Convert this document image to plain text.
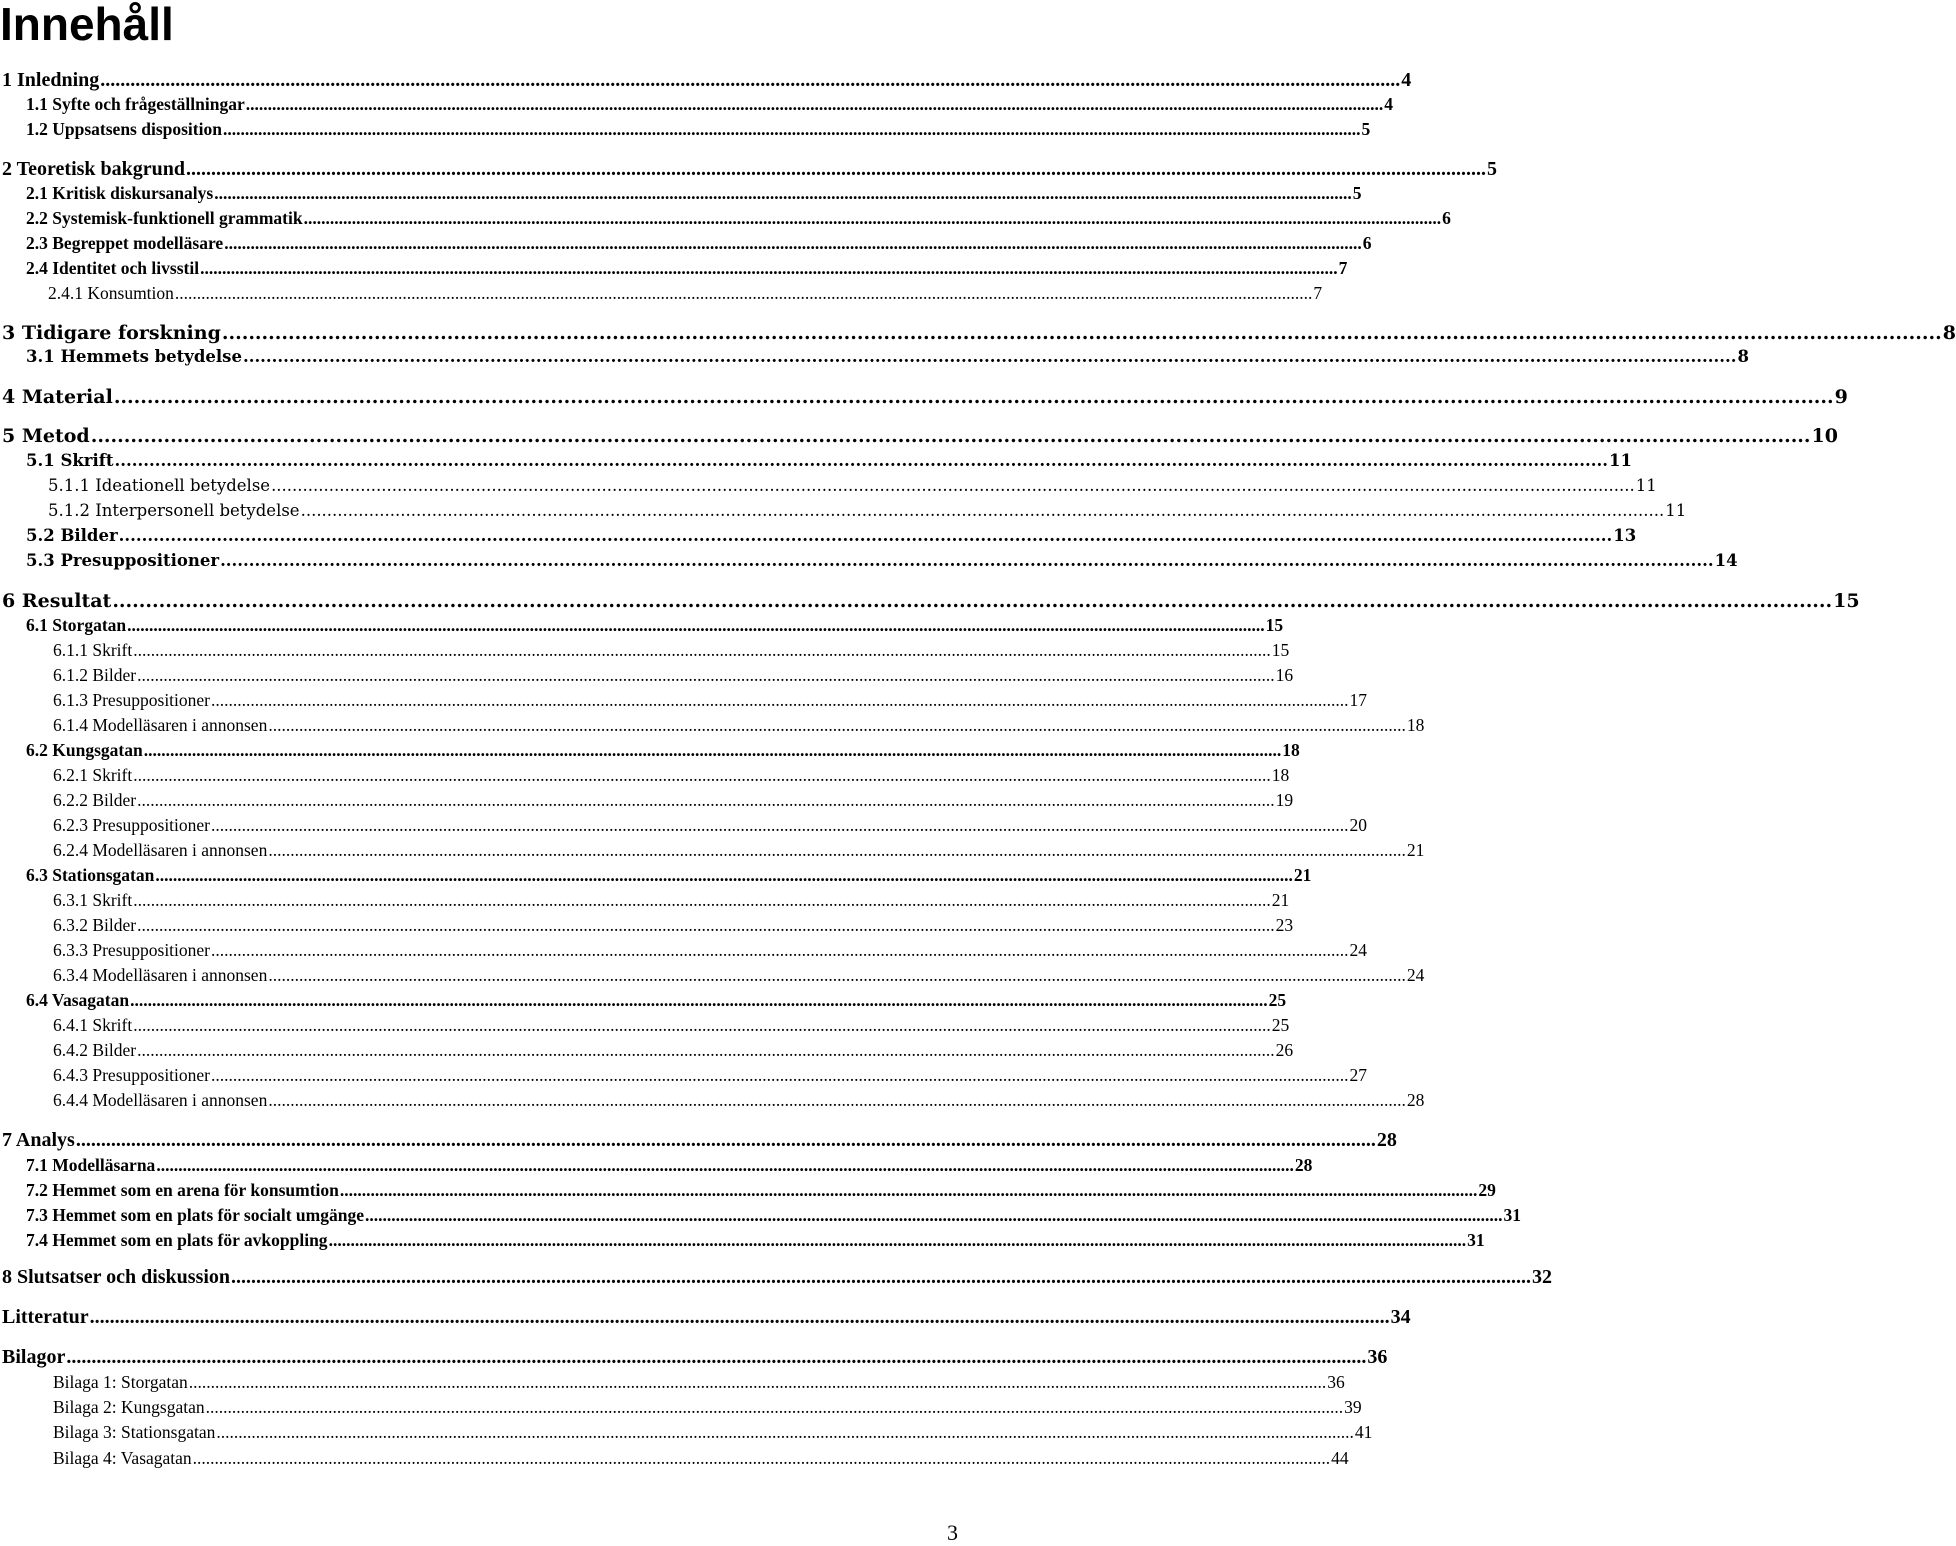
Innehåll
1 Inledning .................................................................................................................................................................................................................................................................... 4
1.1 Syfte och frågeställningar .................................................................................................................................................................................................................................................................... 4
1.2 Uppsatsens disposition .................................................................................................................................................................................................................................................................... 5
2 Teoretisk bakgrund .................................................................................................................................................................................................................................................................... 5
2.1 Kritisk diskursanalys .................................................................................................................................................................................................................................................................... 5
2.2 Systemisk-funktionell grammatik .................................................................................................................................................................................................................................................................... 6
2.3 Begreppet modelläsare .................................................................................................................................................................................................................................................................... 6
2.4 Identitet och livsstil .................................................................................................................................................................................................................................................................... 7
2.4.1 Konsumtion .................................................................................................................................................................................................................................................................... 7
3 Tidigare forskning .................................................................................................................................................................................................................................................................... 8
3.1 Hemmets betydelse .................................................................................................................................................................................................................................................................... 8
4 Material .................................................................................................................................................................................................................................................................... 9
5 Metod .................................................................................................................................................................................................................................................................... 10
5.1 Skrift .................................................................................................................................................................................................................................................................... 11
5.1.1 Ideationell betydelse .................................................................................................................................................................................................................................................................... 11
5.1.2 Interpersonell betydelse .................................................................................................................................................................................................................................................................... 11
5.2 Bilder .................................................................................................................................................................................................................................................................... 13
5.3 Presuppositioner .................................................................................................................................................................................................................................................................... 14
6 Resultat .................................................................................................................................................................................................................................................................... 15
6.1 Storgatan .................................................................................................................................................................................................................................................................... 15
6.1.1 Skrift .................................................................................................................................................................................................................................................................... 15
6.1.2 Bilder .................................................................................................................................................................................................................................................................... 16
6.1.3 Presuppositioner .................................................................................................................................................................................................................................................................... 17
6.1.4 Modelläsaren i annonsen .................................................................................................................................................................................................................................................................... 18
6.2 Kungsgatan .................................................................................................................................................................................................................................................................... 18
6.2.1 Skrift .................................................................................................................................................................................................................................................................... 18
6.2.2 Bilder .................................................................................................................................................................................................................................................................... 19
6.2.3 Presuppositioner .................................................................................................................................................................................................................................................................... 20
6.2.4 Modelläsaren i annonsen .................................................................................................................................................................................................................................................................... 21
6.3 Stationsgatan .................................................................................................................................................................................................................................................................... 21
6.3.1 Skrift .................................................................................................................................................................................................................................................................... 21
6.3.2 Bilder .................................................................................................................................................................................................................................................................... 23
6.3.3 Presuppositioner .................................................................................................................................................................................................................................................................... 24
6.3.4 Modelläsaren i annonsen .................................................................................................................................................................................................................................................................... 24
6.4 Vasagatan .................................................................................................................................................................................................................................................................... 25
6.4.1 Skrift .................................................................................................................................................................................................................................................................... 25
6.4.2 Bilder .................................................................................................................................................................................................................................................................... 26
6.4.3 Presuppositioner .................................................................................................................................................................................................................................................................... 27
6.4.4 Modelläsaren i annonsen .................................................................................................................................................................................................................................................................... 28
7 Analys .................................................................................................................................................................................................................................................................... 28
7.1 Modelläsarna .................................................................................................................................................................................................................................................................... 28
7.2 Hemmet som en arena för konsumtion .................................................................................................................................................................................................................................................................... 29
7.3 Hemmet som en plats för socialt umgänge .................................................................................................................................................................................................................................................................... 31
7.4 Hemmet som en plats för avkoppling .................................................................................................................................................................................................................................................................... 31
8 Slutsatser och diskussion .................................................................................................................................................................................................................................................................... 32
Litteratur .................................................................................................................................................................................................................................................................... 34
Bilagor .................................................................................................................................................................................................................................................................... 36
Bilaga 1: Storgatan .................................................................................................................................................................................................................................................................... 36
Bilaga 2: Kungsgatan .................................................................................................................................................................................................................................................................... 39
Bilaga 3: Stationsgatan .................................................................................................................................................................................................................................................................... 41
Bilaga 4: Vasagatan .................................................................................................................................................................................................................................................................... 44
3
